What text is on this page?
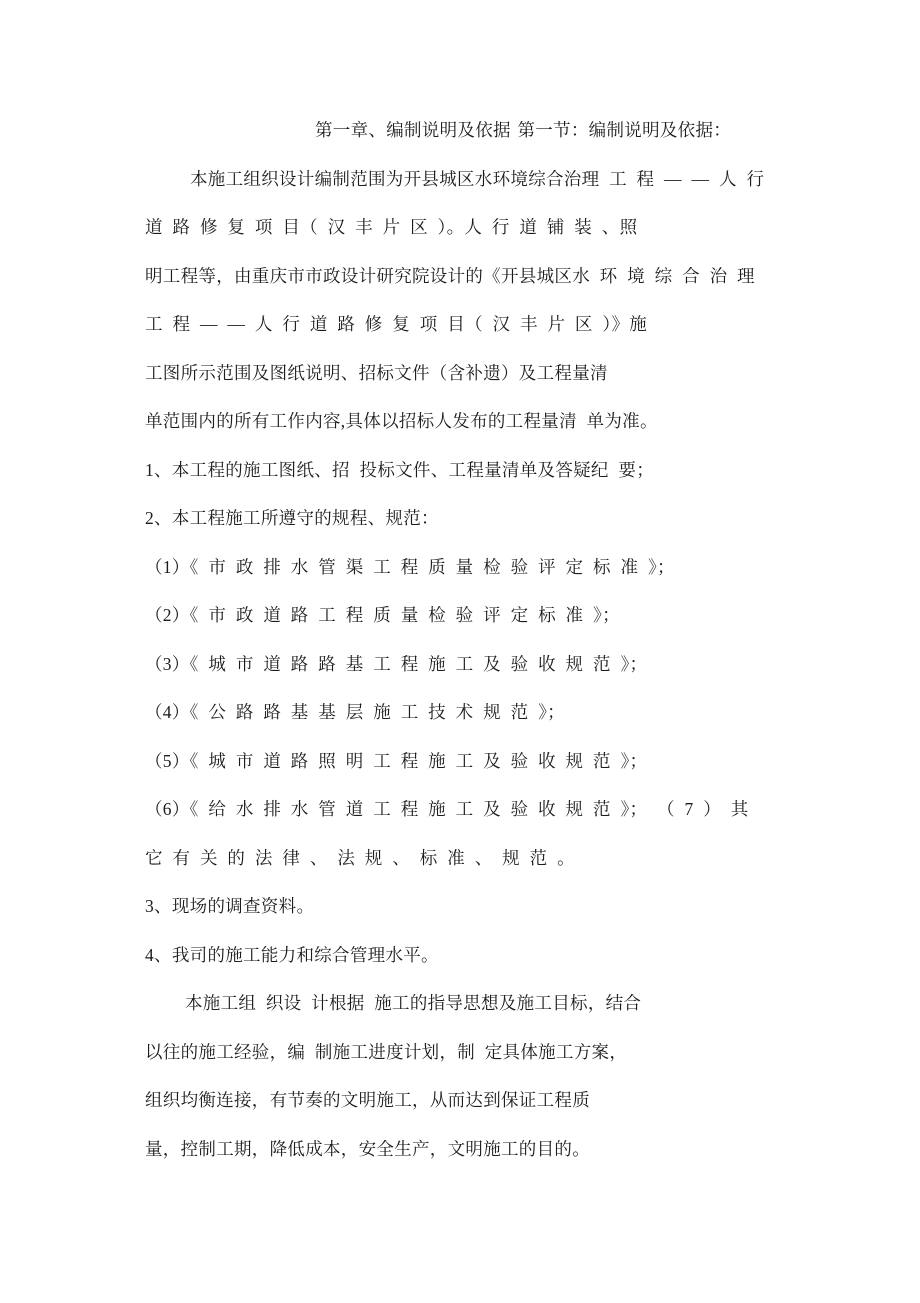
第一章、编制说明及依据 第一节：编制说明及依据：
本施工组织设计编制范围为开县城区水环境综合治理 工 程 — — 人 行
道 路 修 复 项 目（ 汉 丰 片 区 ）。人 行 道 铺 装 、照
明工程等，由重庆市市政设计研究院设计的《开县城区水 环 境 综 合 治 理
工 程 — — 人 行 道 路 修 复 项 目（ 汉 丰 片 区 ）》施
工图所示范围及图纸说明、招标文件（含补遗）及工程量清
单范围内的所有工作内容,具体以招标人发布的工程量清 单为准。
1、本工程的施工图纸、招 投标文件、工程量清单及答疑纪 要；
2、本工程施工所遵守的规程、规范：
（1）《 市 政 排 水 管 渠 工 程 质 量 检 验 评 定 标 准 》；
（2）《 市 政 道 路 工 程 质 量 检 验 评 定 标 准 》；
（3）《 城 市 道 路 路 基 工 程 施 工 及 验 收 规 范 》；
（4）《 公 路 路 基 基 层 施 工 技 术 规 范 》；
（5）《 城 市 道 路 照 明 工 程 施 工 及 验 收 规 范 》；
（6）《 给 水 排 水 管 道 工 程 施 工 及 验 收 规 范 》； （ 7 ） 其
它 有 关 的 法 律 、 法 规 、 标 准 、 规 范 。
3、现场的调查资料。
4、我司的施工能力和综合管理水平。
本施工组 织设 计根据 施工的指导思想及施工目标，结合
以往的施工经验，编 制施工进度计划，制 定具体施工方案，
组织均衡连接，有节奏的文明施工，从而达到保证工程质
量，控制工期，降低成本，安全生产，文明施工的目的。
